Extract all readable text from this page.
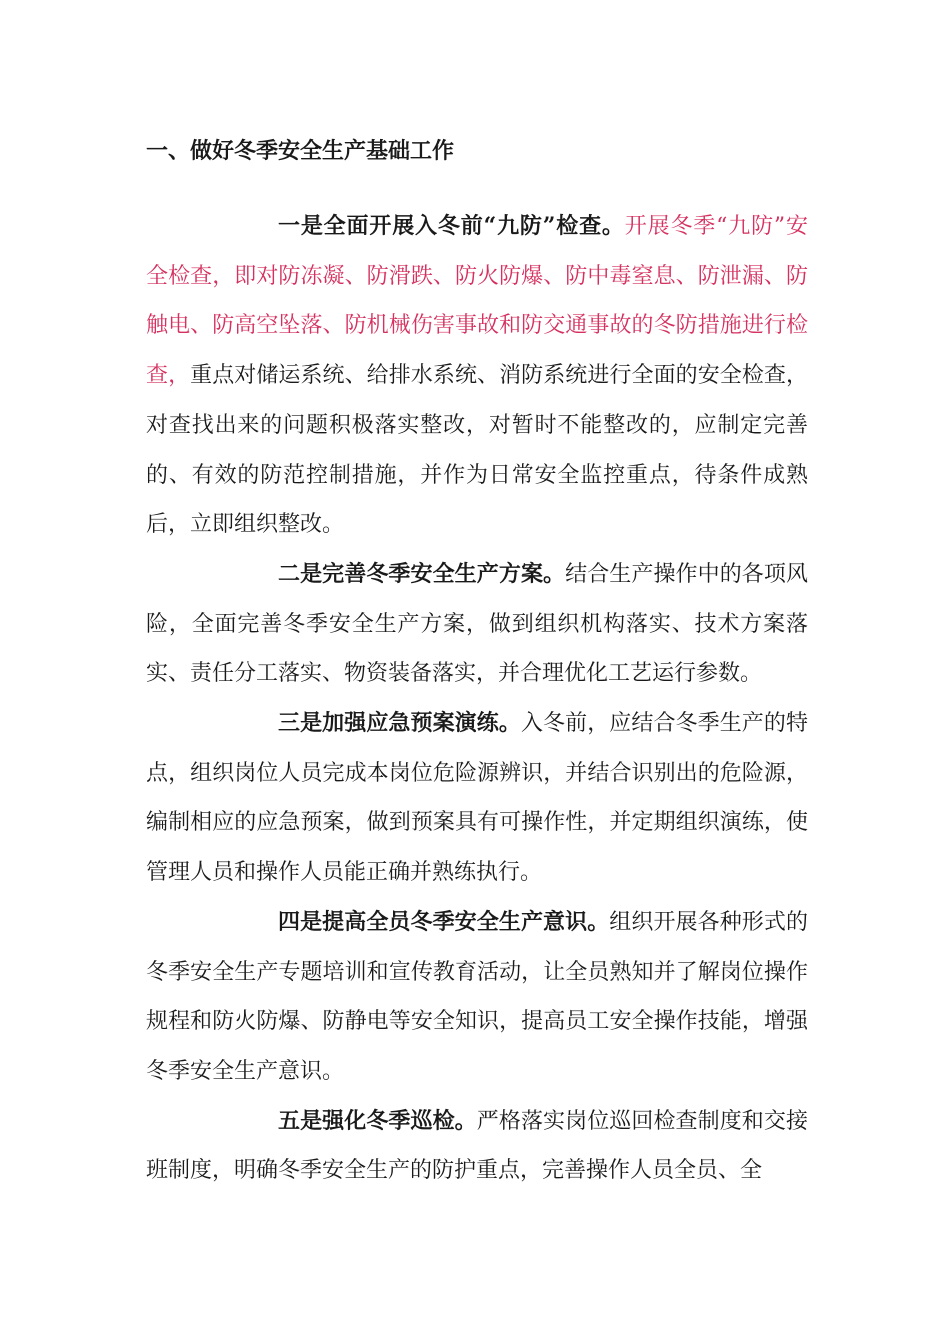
一、做好冬季安全生产基础工作

一是全面开展入冬前“九防”检查。开展冬季“九防”安全检查，即对防冻凝、防滑跌、防火防爆、防中毒窒息、防泄漏、防触电、防高空坠落、防机械伤害事故和防交通事故的冬防措施进行检查，重点对储运系统、给排水系统、消防系统进行全面的安全检查，对查找出来的问题积极落实整改，对暂时不能整改的，应制定完善的、有效的防范控制措施，并作为日常安全监控重点，待条件成熟后，立即组织整改。

二是完善冬季安全生产方案。结合生产操作中的各项风险，全面完善冬季安全生产方案，做到组织机构落实、技术方案落实、责任分工落实、物资装备落实，并合理优化工艺运行参数。

三是加强应急预案演练。入冬前，应结合冬季生产的特点，组织岗位人员完成本岗位危险源辨识，并结合识别出的危险源，编制相应的应急预案，做到预案具有可操作性，并定期组织演练，使管理人员和操作人员能正确并熟练执行。

四是提高全员冬季安全生产意识。组织开展各种形式的冬季安全生产专题培训和宣传教育活动，让全员熟知并了解岗位操作规程和防火防爆、防静电等安全知识，提高员工安全操作技能，增强冬季安全生产意识。

五是强化冬季巡检。严格落实岗位巡回检查制度和交接班制度，明确冬季安全生产的防护重点，完善操作人员全员、全
